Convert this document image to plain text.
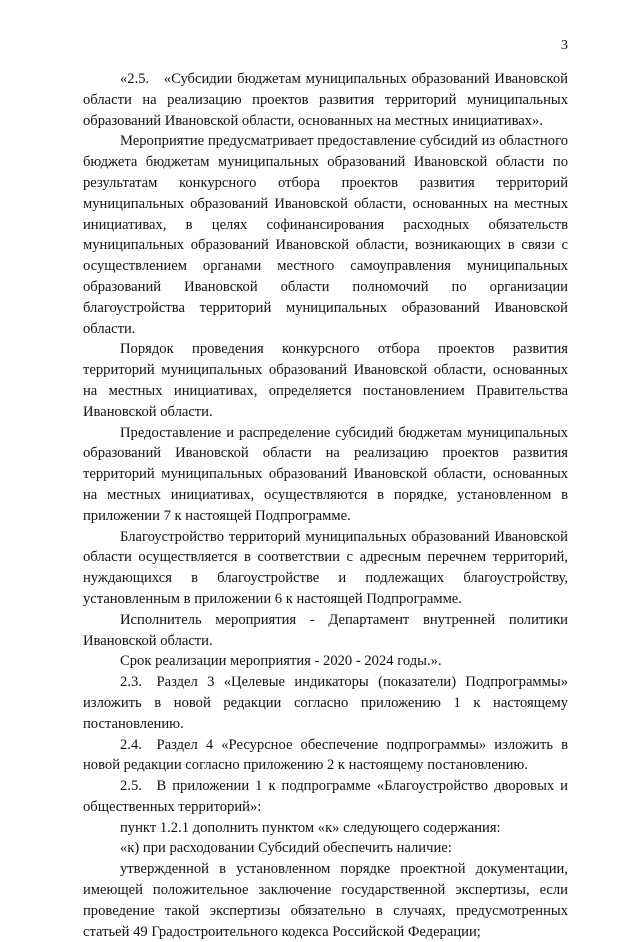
3

«2.5. «Субсидии бюджетам муниципальных образований Ивановской области на реализацию проектов развития территорий муниципальных образований Ивановской области, основанных на местных инициативах».

Мероприятие предусматривает предоставление субсидий из областного бюджета бюджетам муниципальных образований Ивановской области по результатам конкурсного отбора проектов развития территорий муниципальных образований Ивановской области, основанных на местных инициативах, в целях софинансирования расходных обязательств муниципальных образований Ивановской области, возникающих в связи с осуществлением органами местного самоуправления муниципальных образований Ивановской области полномочий по организации благоустройства территорий муниципальных образований Ивановской области.

Порядок проведения конкурсного отбора проектов развития территорий муниципальных образований Ивановской области, основанных на местных инициативах, определяется постановлением Правительства Ивановской области.

Предоставление и распределение субсидий бюджетам муниципальных образований Ивановской области на реализацию проектов развития территорий муниципальных образований Ивановской области, основанных на местных инициативах, осуществляются в порядке, установленном в приложении 7 к настоящей Подпрограмме.

Благоустройство территорий муниципальных образований Ивановской области осуществляется в соответствии с адресным перечнем территорий, нуждающихся в благоустройстве и подлежащих благоустройству, установленным в приложении 6 к настоящей Подпрограмме.

Исполнитель мероприятия - Департамент внутренней политики Ивановской области.

Срок реализации мероприятия - 2020 - 2024 годы.».

2.3. Раздел 3 «Целевые индикаторы (показатели) Подпрограммы» изложить в новой редакции согласно приложению 1 к настоящему постановлению.

2.4. Раздел 4 «Ресурсное обеспечение подпрограммы» изложить в новой редакции согласно приложению 2 к настоящему постановлению.

2.5. В приложении 1 к подпрограмме «Благоустройство дворовых и общественных территорий»:

пункт 1.2.1 дополнить пунктом «к» следующего содержания:

«к) при расходовании Субсидий обеспечить наличие:

утвержденной в установленном порядке проектной документации, имеющей положительное заключение государственной экспертизы, если проведение такой экспертизы обязательно в случаях, предусмотренных статьей 49 Градостроительного кодекса Российской Федерации;
